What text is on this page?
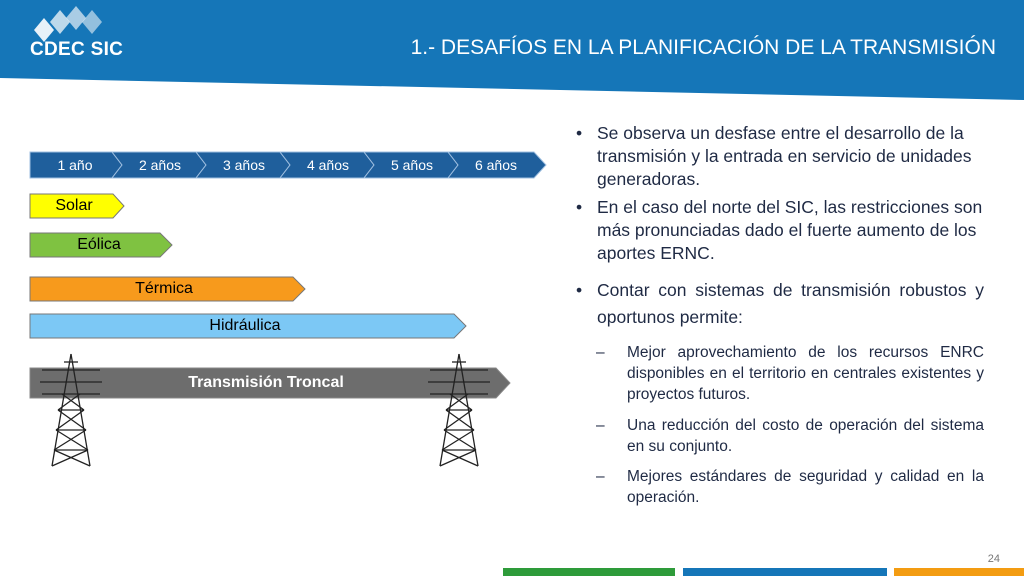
CDEC SIC	1.- DESAFÍOS EN LA PLANIFICACIÓN DE LA TRANSMISIÓN
1 año	2 años	3 años	4 años	5 años	6 años
Solar
Eólica
Térmica
Hidráulica
Transmisión Troncal
• Se observa un desfase entre el desarrollo de la transmisión y la entrada en servicio de unidades generadoras.
• En el caso del norte del SIC, las restricciones son más pronunciadas dado el fuerte aumento de los aportes ERNC.
• Contar con sistemas de transmisión robustos y oportunos permite:
– Mejor aprovechamiento de los recursos ENRC disponibles en el territorio en centrales existentes y proyectos futuros.
– Una reducción del costo de operación del sistema en su conjunto.
– Mejores estándares de seguridad y calidad en la operación.
24
